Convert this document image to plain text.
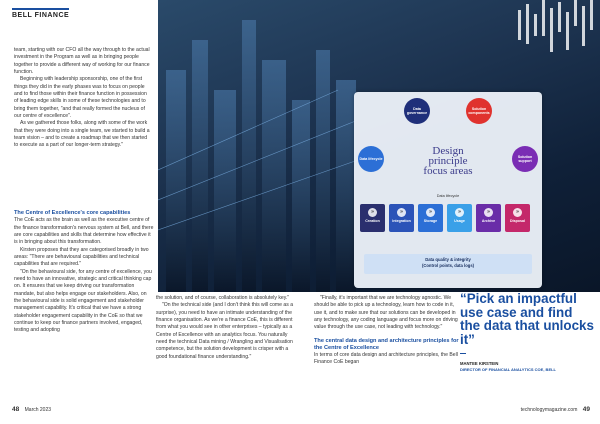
BELL FINANCE

team, starting with our CFO all the way through to the actual investment in the Program as well as in bringing people together to provide a different way of working for our finance function.

Beginning with leadership sponsorship, one of the first things they did in the early phases was to focus on people and to find those within their finance function in possession of leading edge skills in some of these technologies and to bring them together, "and that really formed the nucleus of our centre of excellence".

As we gathered those folks, along with some of the work that they were doing into a single team, we started to build a team vision – and to create a roadmap that we then started to execute as a part of our longer-term strategy."

The Centre of Excellence's core capabilities

The CoE acts as the brain as well as the executive centre of the finance transformation's nervous system at Bell, and there are core capabilities and skills that determine how effective it is in bringing about this transformation.

Kirsten proposes that they are categorised broadly in two areas: "There are behavioural capabilities and technical capabilities that are required."

"On the behavioural side, for any centre of excellence, you need to have an innovative, strategic and critical thinking cap on. It ensures that we keep driving our transformation mandate, but also helps engage our stakeholders. Also, on the behavioural side is solid engagement and stakeholder management capability. It's critical that we have a strong stakeholder engagement capability in the CoE so that we continue to keep our finance partners involved, engaged, testing and adopting

Data governance
Solution components
Data lifecycle	Solution support
Design
principle
focus areas
Data lifecycle
»
Creation
»
Integration
»
Storage
»
Usage
»
Archive
»
Disposal
Data quality & integrity
(Control points, data logs)

the solution, and of course, collaboration is absolutely key."

"On the technical side (and I don't think this will come as a surprise), you need to have an intimate understanding of the finance organisation. As we're a finance CoE, this is different from what you would see in other enterprises – typically as a Centre of Excellence with an analytics focus. You naturally need the technical Data mining / Wrangling and Visualisation competence, but the solution development is crisper with a good foundational finance understanding."

"Finally, it's important that we are technology agnostic. We should be able to pick up a technology, learn how to code in it, use it, and to make sure that our solutions can be developed in any technology, any coding language and focus more on driving value through the use case, not leading with technology."

The central data design and architecture principles for the Centre of Excellence

In terms of core data design and architecture principles, the Bell Finance CoE began

“Pick an impactful use case and find the data that unlocks it”
MANTEE KIRSTEIN
DIRECTOR OF FINANCIAL ANALYTICS COE, BELL
48 March 2023	technologymagazine.com 49
